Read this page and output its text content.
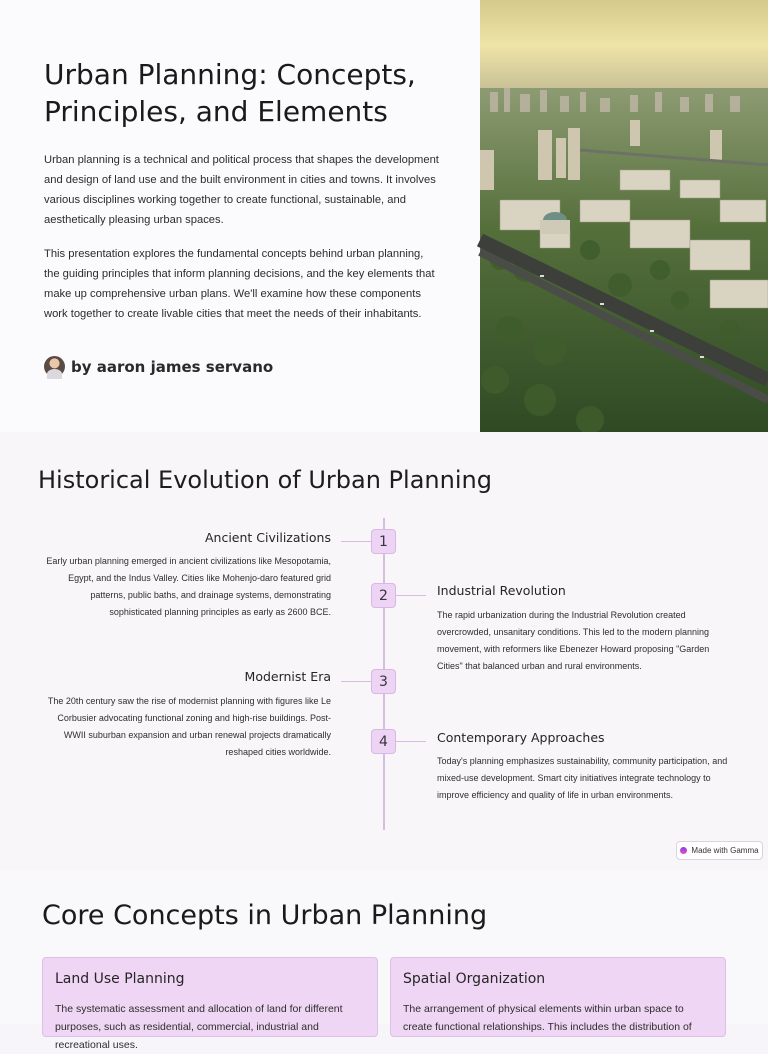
Urban Planning: Concepts, Principles, and Elements

Urban planning is a technical and political process that shapes the development and design of land use and the built environment in cities and towns. It involves various disciplines working together to create functional, sustainable, and aesthetically pleasing urban spaces.

This presentation explores the fundamental concepts behind urban planning, the guiding principles that inform planning decisions, and the key elements that make up comprehensive urban plans. We'll examine how these components work together to create livable cities that meet the needs of their inhabitants.

by aaron james servano
Historical Evolution of Urban Planning
1
Ancient Civilizations
Early urban planning emerged in ancient civilizations like Mesopotamia, Egypt, and the Indus Valley. Cities like Mohenjo-daro featured grid patterns, public baths, and drainage systems, demonstrating sophisticated planning principles as early as 2600 BCE.
2	Industrial Revolution
The rapid urbanization during the Industrial Revolution created overcrowded, unsanitary conditions. This led to the modern planning movement, with reformers like Ebenezer Howard proposing "Garden Cities" that balanced urban and rural environments.
3
Modernist Era
The 20th century saw the rise of modernist planning with figures like Le Corbusier advocating functional zoning and high-rise buildings. Post-WWII suburban expansion and urban renewal projects dramatically reshaped cities worldwide.
4	Contemporary Approaches
Today's planning emphasizes sustainability, community participation, and mixed-use development. Smart city initiatives integrate technology to improve efficiency and quality of life in urban environments.
Made with Gamma
Core Concepts in Urban Planning
Land Use Planning
The systematic assessment and allocation of land for different purposes, such as residential, commercial, industrial and recreational uses.
Spatial Organization
The arrangement of physical elements within urban space to create functional relationships. This includes the distribution of
